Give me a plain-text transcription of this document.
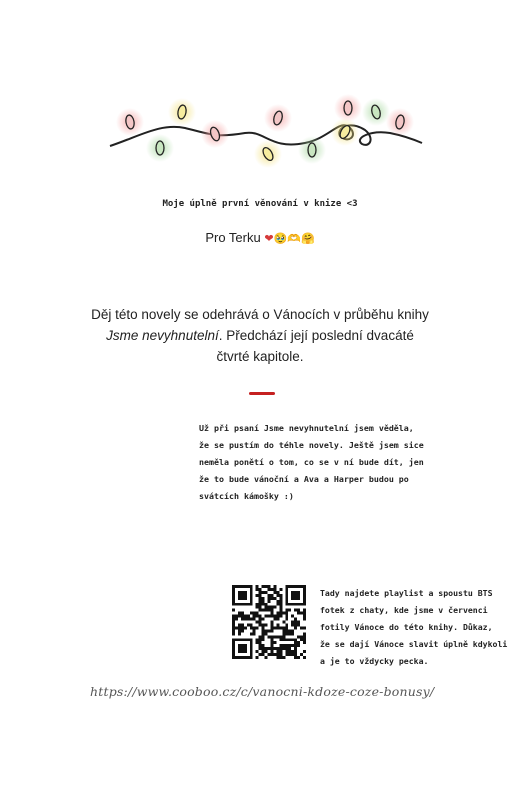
Moje úplně první věnování v knize <3
Pro Terku ❤🥹🫶🤗
Děj této novely se odehrává o Vánocích v průběhu knihy Jsme nevyhnutelní. Předchází její poslední dvacáté čtvrté kapitole.
Už při psaní Jsme nevyhnutelní jsem věděla,
že se pustím do téhle novely. Ještě jsem sice
neměla ponětí o tom, co se v ní bude dít, jen
že to bude vánoční a Ava a Harper budou po
svátcích kámošky :)
Tady najdete playlist a spoustu BTS
fotek z chaty, kde jsme v červenci
fotily Vánoce do této knihy. Důkaz,
že se dají Vánoce slavit úplně kdykoli
a je to vždycky pecka.
https://www.cooboo.cz/c/vanocni-kdoze-coze-bonusy/
